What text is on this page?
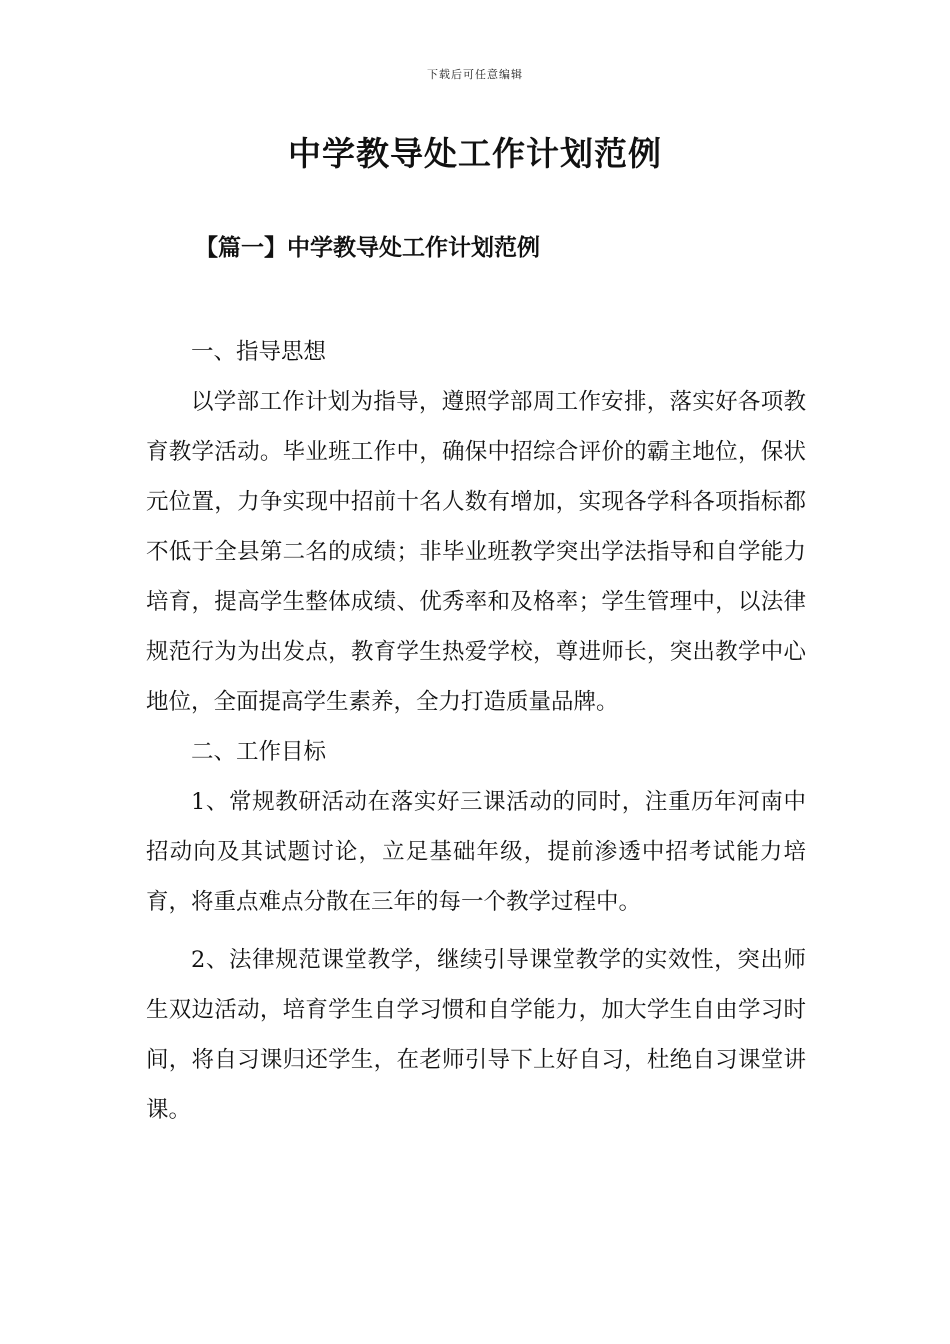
下载后可任意编辑
中学教导处工作计划范例
【篇一】中学教导处工作计划范例

一、指导思想

以学部工作计划为指导，遵照学部周工作安排，落实好各项教育教学活动。毕业班工作中，确保中招综合评价的霸主地位，保状元位置，力争实现中招前十名人数有增加，实现各学科各项指标都不低于全县第二名的成绩；非毕业班教学突出学法指导和自学能力培育，提高学生整体成绩、优秀率和及格率；学生管理中，以法律规范行为为出发点，教育学生热爱学校，尊进师长，突出教学中心地位，全面提高学生素养，全力打造质量品牌。

二、工作目标

1、常规教研活动在落实好三课活动的同时，注重历年河南中招动向及其试题讨论，立足基础年级，提前渗透中招考试能力培育，将重点难点分散在三年的每一个教学过程中。

2、法律规范课堂教学，继续引导课堂教学的实效性，突出师生双边活动，培育学生自学习惯和自学能力，加大学生自由学习时间，将自习课归还学生，在老师引导下上好自习，杜绝自习课堂讲课。
